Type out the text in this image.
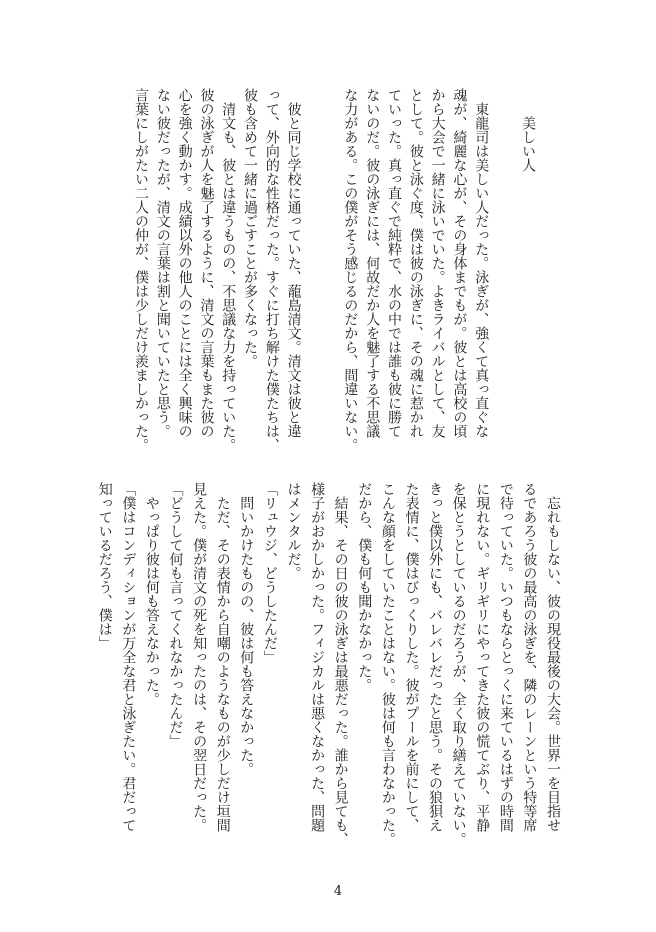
美しい人
東龍司は美しい人だった。泳ぎが、強くて真っ直ぐな
魂が、綺麗な心が、その身体までもが。彼とは高校の頃
から大会で一緒に泳いでいた。よきライバルとして、友
として。彼と泳ぐ度、僕は彼の泳ぎに、その魂に惹かれ
ていった。真っ直ぐで純粋で、水の中では誰も彼に勝て
ないのだ。彼の泳ぎには、何故だか人を魅了する不思議
な力がある。この僕がそう感じるのだから、間違いない。
彼と同じ学校に通っていた、蘢島清文。清文は彼と違
って、外向的な性格だった。すぐに打ち解けた僕たちは、
彼も含めて一緒に過ごすことが多くなった。
清文も、彼とは違うものの、不思議な力を持っていた。
彼の泳ぎが人を魅了するように、清文の言葉もまた彼の
心を強く動かす。成績以外の他人のことには全く興味の
ない彼だったが、清文の言葉は割と聞いていたと思う。
言葉にしがたい二人の仲が、僕は少しだけ羨ましかった。
忘れもしない、彼の現役最後の大会。世界一を目指せ
るであろう彼の最高の泳ぎを、隣のレーンという特等席
で待っていた。いつもならとっくに来ているはずの時間
に現れない。ギリギリにやってきた彼の慌てぶり、平静
を保とうとしているのだろうが、全く取り繕えていない。
きっと僕以外にも、バレバレだったと思う。その狼狽え
た表情に、僕はびっくりした。彼がプールを前にして、
こんな顔をしていたことはない。彼は何も言わなかった。
だから、僕も何も聞かなかった。
結果、その日の彼の泳ぎは最悪だった。誰から見ても、
様子がおかしかった。フィジカルは悪くなかった、問題
はメンタルだ。
「リュウジ、どうしたんだ」
問いかけたものの、彼は何も答えなかった。
ただ、その表情から自嘲のようなものが少しだけ垣間
見えた。僕が清文の死を知ったのは、その翌日だった。
「どうして何も言ってくれなかったんだ」
やっぱり彼は何も答えなかった。
「僕はコンディションが万全な君と泳ぎたい。君だって
知っているだろう、僕は」
4
